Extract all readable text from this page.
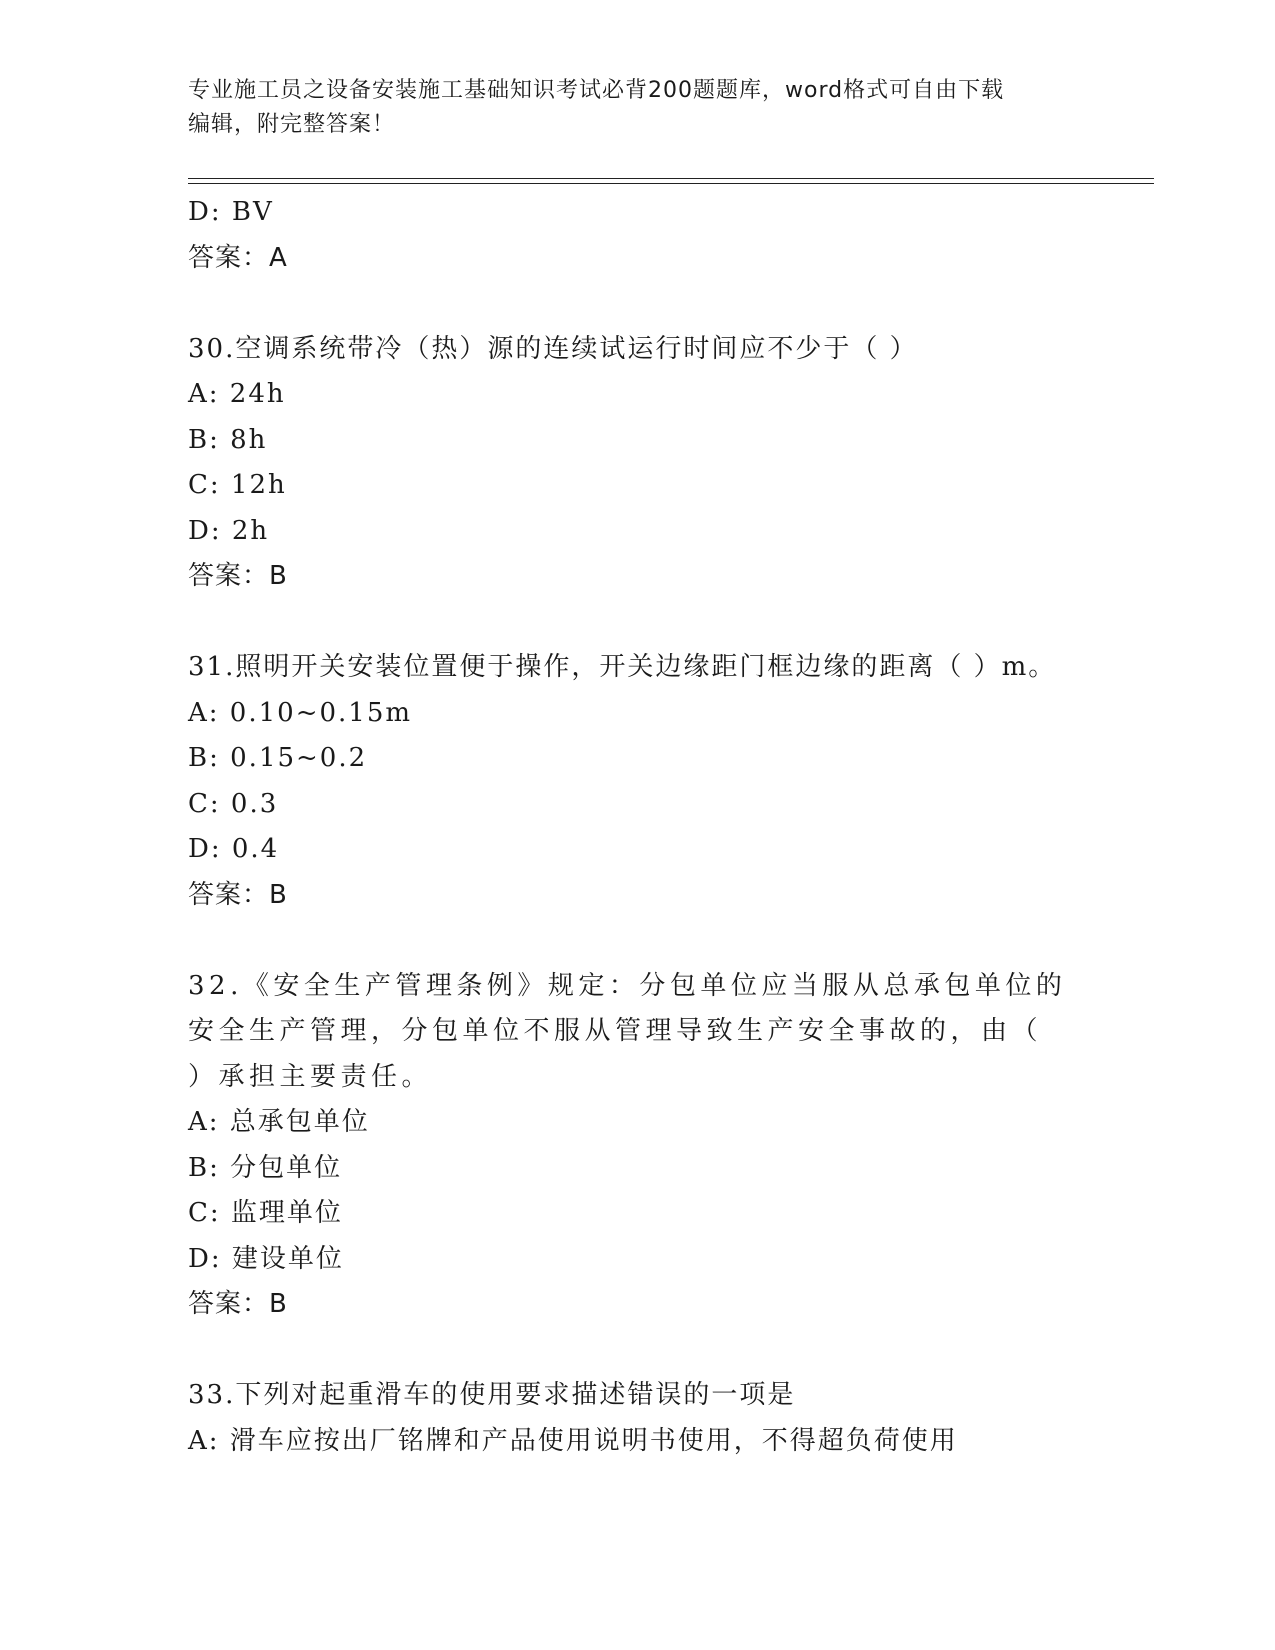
专业施工员之设备安装施工基础知识考试必背200题题库，word格式可自由下载
编辑，附完整答案！
D: BV
答案：A
30.空调系统带冷（热）源的连续试运行时间应不少于（ ）
A: 24h
B: 8h
C: 12h
D: 2h
答案：B
31.照明开关安装位置便于操作，开关边缘距门框边缘的距离（ ）m。
A: 0.10~0.15m
B: 0.15~0.2
C: 0.3
D: 0.4
答案：B
32.《安全生产管理条例》规定：分包单位应当服从总承包单位的安全生产管理，分包单位不服从管理导致生产安全事故的，由（ ）承担主要责任。
A: 总承包单位
B: 分包单位
C: 监理单位
D: 建设单位
答案：B
33.下列对起重滑车的使用要求描述错误的一项是
A: 滑车应按出厂铭牌和产品使用说明书使用，不得超负荷使用
